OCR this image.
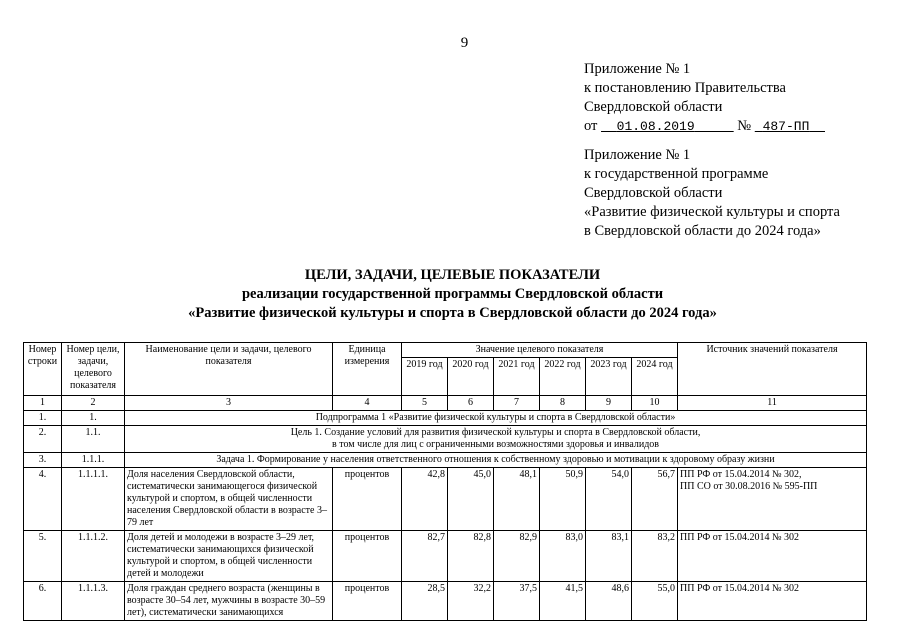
9
Приложение № 1
к постановлению Правительства
Свердловской области
от 01.08.2019	№ 487-ПП
Приложение № 1
к государственной программе
Свердловской области
«Развитие физической культуры и спорта
в Свердловской области до 2024 года»
ЦЕЛИ, ЗАДАЧИ, ЦЕЛЕВЫЕ ПОКАЗАТЕЛИ
реализации государственной программы Свердловской области
«Развитие физической культуры и спорта в Свердловской области до 2024 года»
Номер строки	Номер цели, задачи, целевого показателя	Наименование цели и задачи, целевого показателя	Единица измерения	Значение целевого показателя						Источник значений показателя
				2019 год	2020 год	2021 год	2022 год	2023 год	2024 год	
1	2	3	4	5	6	7	8	9	10	11
1.	1.	Подпрограмма 1 «Развитие физической культуры и спорта в Свердловской области»								
2.	1.1.	Цель 1. Создание условий для развития физической культуры и спорта в Свердловской области,
в том числе для лиц с ограниченными возможностями здоровья и инвалидов								

3.	1.1.1.	Задача 1. Формирование у населения ответственного отношения к собственному здоровью и мотивации к здоровому образу жизни								
4.	1.1.1.1.	Доля населения Свердловской области, систематически занимающегося физической культурой и спортом, в общей численности населения Свердловской области в возрасте 3–79 лет	процентов	42,8	45,0	48,1	50,9	54,0	56,7	ПП РФ от 15.04.2014 № 302,
ПП СО от 30.08.2016 № 595-ПП

5.	1.1.1.2.	Доля детей и молодежи в возрасте 3–29 лет, систематически занимающихся физической культурой и спортом, в общей численности детей и молодежи	процентов	82,7	82,8	82,9	83,0	83,1	83,2	ПП РФ от 15.04.2014 № 302
6.	1.1.1.3.	Доля граждан среднего возраста (женщины в возрасте 30–54 лет, мужчины в возрасте 30–59 лет), систематически занимающихся	процентов	28,5	32,2	37,5	41,5	48,6	55,0	ПП РФ от 15.04.2014 № 302
